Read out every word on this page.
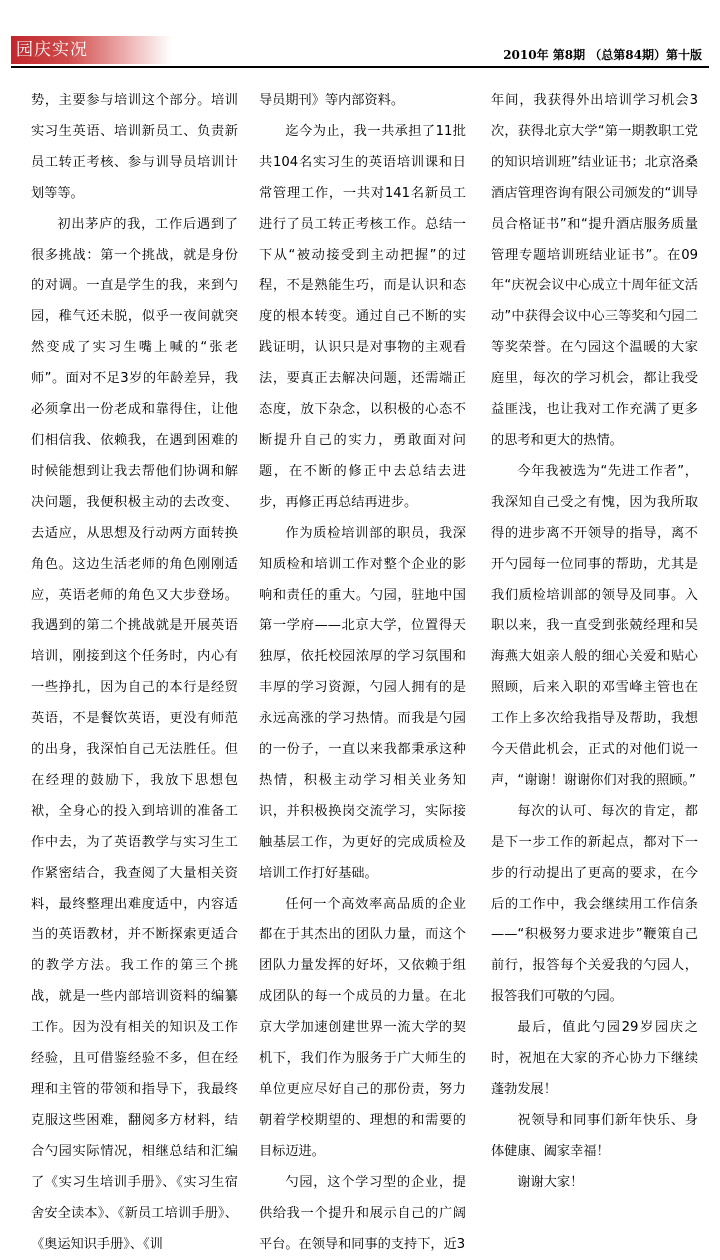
园庆实况	2010年 第8期 （总第84期）第十版

势，主要参与培训这个部分。培训实习生英语、培训新员工、负责新员工转正考核、参与训导员培训计划等等。

初出茅庐的我，工作后遇到了很多挑战：第一个挑战，就是身份的对调。一直是学生的我，来到勺园，稚气还未脱，似乎一夜间就突然变成了实习生嘴上喊的“张老师”。面对不足3岁的年龄差异，我必须拿出一份老成和靠得住，让他们相信我、依赖我，在遇到困难的时候能想到让我去帮他们协调和解决问题，我便积极主动的去改变、去适应，从思想及行动两方面转换角色。这边生活老师的角色刚刚适应，英语老师的角色又大步登场。我遇到的第二个挑战就是开展英语培训，刚接到这个任务时，内心有一些挣扎，因为自己的本行是经贸英语，不是餐饮英语，更没有师范的出身，我深怕自己无法胜任。但在经理的鼓励下，我放下思想包袱，全身心的投入到培训的准备工作中去，为了英语教学与实习生工作紧密结合，我查阅了大量相关资料，最终整理出难度适中，内容适当的英语教材，并不断探索更适合的教学方法。我工作的第三个挑战，就是一些内部培训资料的编纂工作。因为没有相关的知识及工作经验，且可借鉴经验不多，但在经理和主管的带领和指导下，我最终克服这些困难，翻阅多方材料，结合勺园实际情况，相继总结和汇编了《实习生培训手册》、《实习生宿舍安全读本》、《新员工培训手册》、《奥运知识手册》、《训

导员期刊》等内部资料。

迄今为止，我一共承担了11批共104名实习生的英语培训课和日常管理工作，一共对141名新员工进行了员工转正考核工作。总结一下从“被动接受到主动把握”的过程，不是熟能生巧，而是认识和态度的根本转变。通过自己不断的实践证明，认识只是对事物的主观看法，要真正去解决问题，还需端正态度，放下杂念，以积极的心态不断提升自己的实力，勇敢面对问题，在不断的修正中去总结去进步，再修正再总结再进步。

作为质检培训部的职员，我深知质检和培训工作对整个企业的影响和责任的重大。勺园，驻地中国第一学府——北京大学，位置得天独厚，依托校园浓厚的学习氛围和丰厚的学习资源，勺园人拥有的是永远高涨的学习热情。而我是勺园的一份子，一直以来我都秉承这种热情，积极主动学习相关业务知识，并积极换岗交流学习，实际接触基层工作，为更好的完成质检及培训工作打好基础。

任何一个高效率高品质的企业都在于其杰出的团队力量，而这个团队力量发挥的好坏，又依赖于组成团队的每一个成员的力量。在北京大学加速创建世界一流大学的契机下，我们作为服务于广大师生的单位更应尽好自己的那份责，努力朝着学校期望的、理想的和需要的目标迈进。

勺园，这个学习型的企业，提供给我一个提升和展示自己的广阔平台。在领导和同事的支持下，近3

年间，我获得外出培训学习机会3次，获得北京大学“第一期教职工党的知识培训班”结业证书；北京洛桑酒店管理咨询有限公司颁发的“训导员合格证书”和“提升酒店服务质量管理专题培训班结业证书”。在09年“庆祝会议中心成立十周年征文活动”中获得会议中心三等奖和勺园二等奖荣誉。在勺园这个温暖的大家庭里，每次的学习机会，都让我受益匪浅，也让我对工作充满了更多的思考和更大的热情。

今年我被选为“先进工作者”，我深知自己受之有愧，因为我所取得的进步离不开领导的指导，离不开勺园每一位同事的帮助，尤其是我们质检培训部的领导及同事。入职以来，我一直受到张兢经理和吴海燕大姐亲人般的细心关爱和贴心照顾，后来入职的邓雪峰主管也在工作上多次给我指导及帮助，我想今天借此机会，正式的对他们说一声，“谢谢！谢谢你们对我的照顾。”

每次的认可、每次的肯定，都是下一步工作的新起点，都对下一步的行动提出了更高的要求，在今后的工作中，我会继续用工作信条——“积极努力要求进步”鞭策自己前行，报答每个关爱我的勺园人，报答我们可敬的勺园。

最后，值此勺园29岁园庆之时，祝旭在大家的齐心协力下继续蓬勃发展！

祝领导和同事们新年快乐、身体健康、阖家幸福！

谢谢大家！
